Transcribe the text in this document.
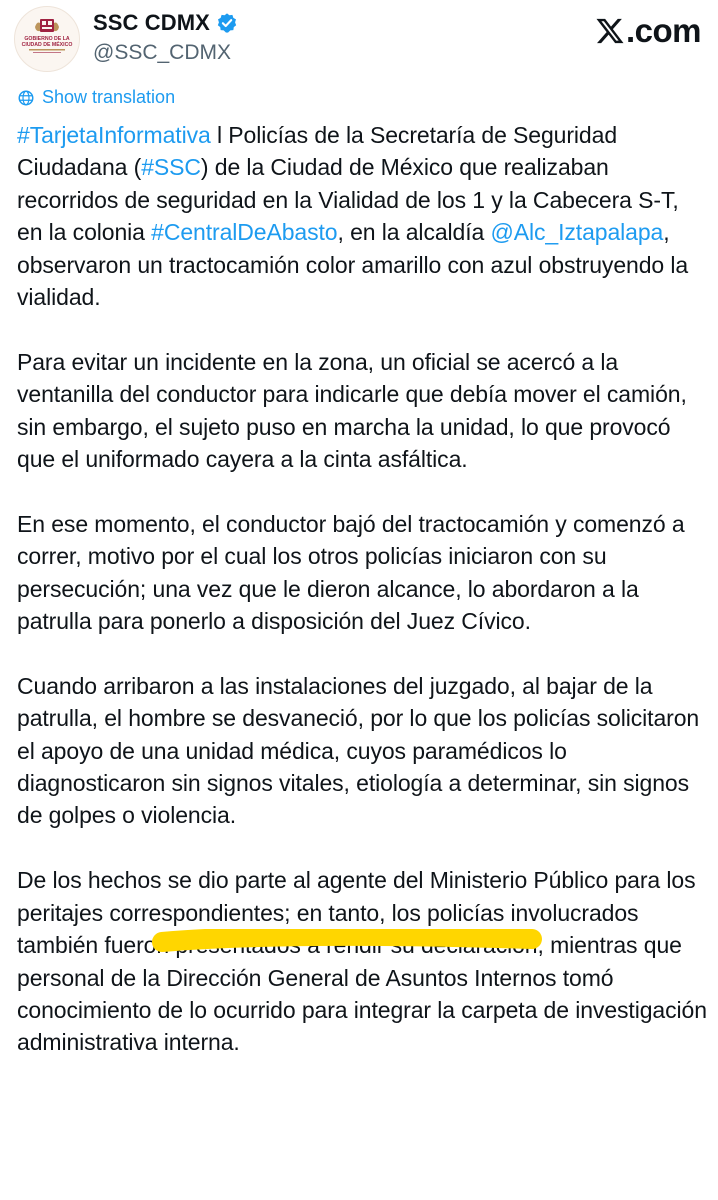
GOBIERNO DE LA
CIUDAD DE MÉXICO
SSC CDMX
@SSC_CDMX
.com
Show translation

#TarjetaInformativa l Policías de la Secretaría de Seguridad Ciudadana (#SSC) de la Ciudad de México que realizaban recorridos de seguridad en la Vialidad de los 1 y la Cabecera S-T, en la colonia #CentralDeAbasto, en la alcaldía @Alc_Iztapalapa, observaron un tractocamión color amarillo con azul obstruyendo la vialidad.

Para evitar un incidente en la zona, un oficial se acercó a la ventanilla del conductor para indicarle que debía mover el camión, sin embargo, el sujeto puso en marcha la unidad, lo que provocó que el uniformado cayera a la cinta asfáltica.

En ese momento, el conductor bajó del tractocamión y comenzó a correr, motivo por el cual los otros policías iniciaron con su persecución; una vez que le dieron alcance, lo abordaron a la patrulla para ponerlo a disposición del Juez Cívico.

Cuando arribaron a las instalaciones del juzgado, al bajar de la patrulla, el hombre se desvaneció, por lo que los policías solicitaron el apoyo de una unidad médica, cuyos paramédicos lo diagnosticaron sin signos vitales, etiología a determinar, sin signos de golpes o violencia.

De los hechos se dio parte al agente del Ministerio Público para los peritajes correspondientes; en tanto, los policías involucrados también fueron presentados a rendir su declaración, mientras que personal de la Dirección General de Asuntos Internos tomó conocimiento de lo ocurrido para integrar la carpeta de investigación administrativa interna.
